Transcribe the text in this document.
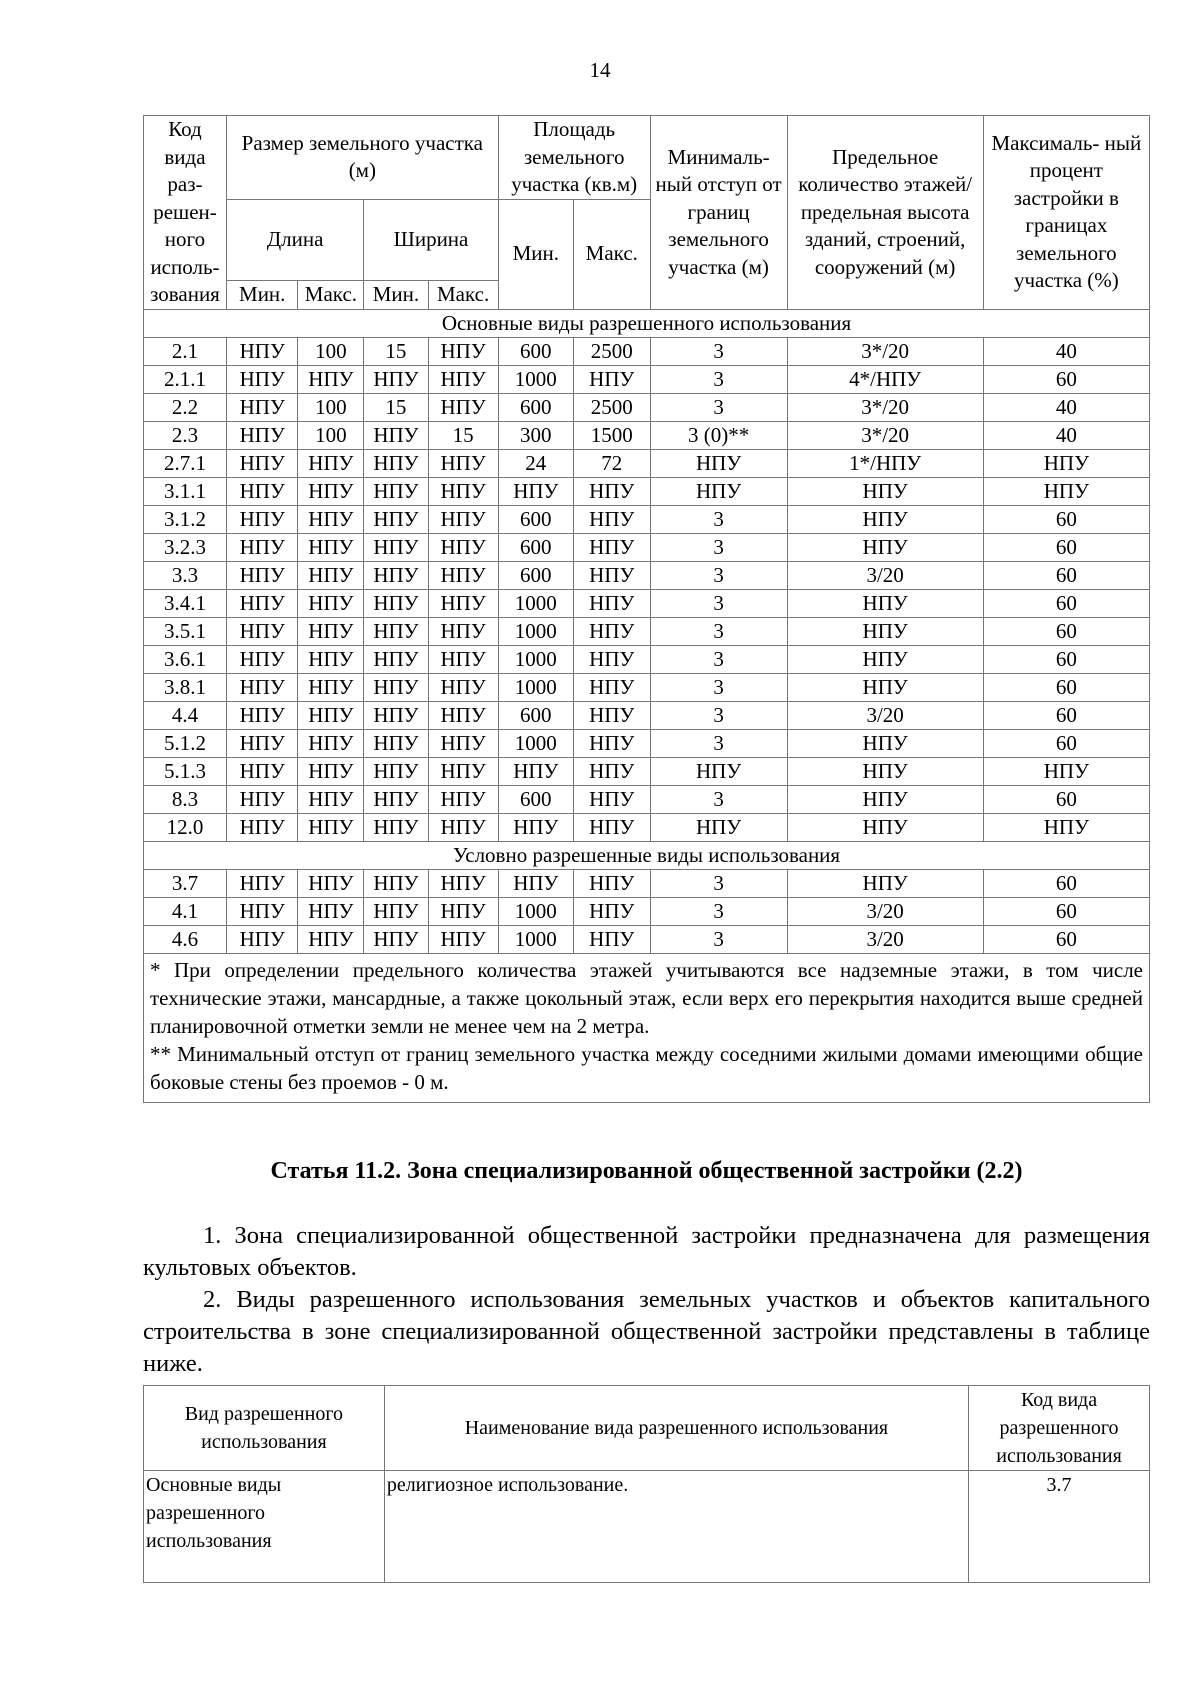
14
Код вида раз- решен- ного исполь- зования	Размер земельного участка (м)				Площадь земельного участка (кв.м)		Минималь- ный отступ от границ земельного участка (м)	Предельное количество этажей/ предельная высота зданий, строений, сооружений (м)	Максималь- ный процент застройки в границах земельного участка (%)
	Длина		Ширина		Мин.	Макс.			
	Мин.	Макс.	Мин.	Макс.					
Основные виды разрешенного использования									
2.1	НПУ	100	15	НПУ	600	2500	3	3*/20	40
2.1.1	НПУ	НПУ	НПУ	НПУ	1000	НПУ	3	4*/НПУ	60
2.2	НПУ	100	15	НПУ	600	2500	3	3*/20	40
2.3	НПУ	100	НПУ	15	300	1500	3 (0)**	3*/20	40
2.7.1	НПУ	НПУ	НПУ	НПУ	24	72	НПУ	1*/НПУ	НПУ
3.1.1	НПУ	НПУ	НПУ	НПУ	НПУ	НПУ	НПУ	НПУ	НПУ
3.1.2	НПУ	НПУ	НПУ	НПУ	600	НПУ	3	НПУ	60
3.2.3	НПУ	НПУ	НПУ	НПУ	600	НПУ	3	НПУ	60
3.3	НПУ	НПУ	НПУ	НПУ	600	НПУ	3	3/20	60
3.4.1	НПУ	НПУ	НПУ	НПУ	1000	НПУ	3	НПУ	60
3.5.1	НПУ	НПУ	НПУ	НПУ	1000	НПУ	3	НПУ	60
3.6.1	НПУ	НПУ	НПУ	НПУ	1000	НПУ	3	НПУ	60
3.8.1	НПУ	НПУ	НПУ	НПУ	1000	НПУ	3	НПУ	60
4.4	НПУ	НПУ	НПУ	НПУ	600	НПУ	3	3/20	60
5.1.2	НПУ	НПУ	НПУ	НПУ	1000	НПУ	3	НПУ	60
5.1.3	НПУ	НПУ	НПУ	НПУ	НПУ	НПУ	НПУ	НПУ	НПУ
8.3	НПУ	НПУ	НПУ	НПУ	600	НПУ	3	НПУ	60
12.0	НПУ	НПУ	НПУ	НПУ	НПУ	НПУ	НПУ	НПУ	НПУ
Условно разрешенные виды использования									
3.7	НПУ	НПУ	НПУ	НПУ	НПУ	НПУ	3	НПУ	60
4.1	НПУ	НПУ	НПУ	НПУ	1000	НПУ	3	3/20	60
4.6	НПУ	НПУ	НПУ	НПУ	1000	НПУ	3	3/20	60

* При определении предельного количества этажей учитываются все надземные этажи, в том числе технические этажи, мансардные, а также цокольный этаж, если верх его перекрытия находится выше средней планировочной отметки земли не менее чем на 2 метра.

** Минимальный отступ от границ земельного участка между соседними жилыми домами имеющими общие боковые стены без проемов - 0 м.									

Статья 11.2. Зона специализированной общественной застройки (2.2)

1. Зона специализированной общественной застройки предназначена для размещения культовых объектов.

2. Виды разрешенного использования земельных участков и объектов капитального строительства в зоне специализированной общественной застройки представлены в таблице ниже.

Вид разрешенного использования	Наименование вида разрешенного использования	Код вида разрешенного использования
Основные виды разрешенного использования	религиозное использование.	3.7
